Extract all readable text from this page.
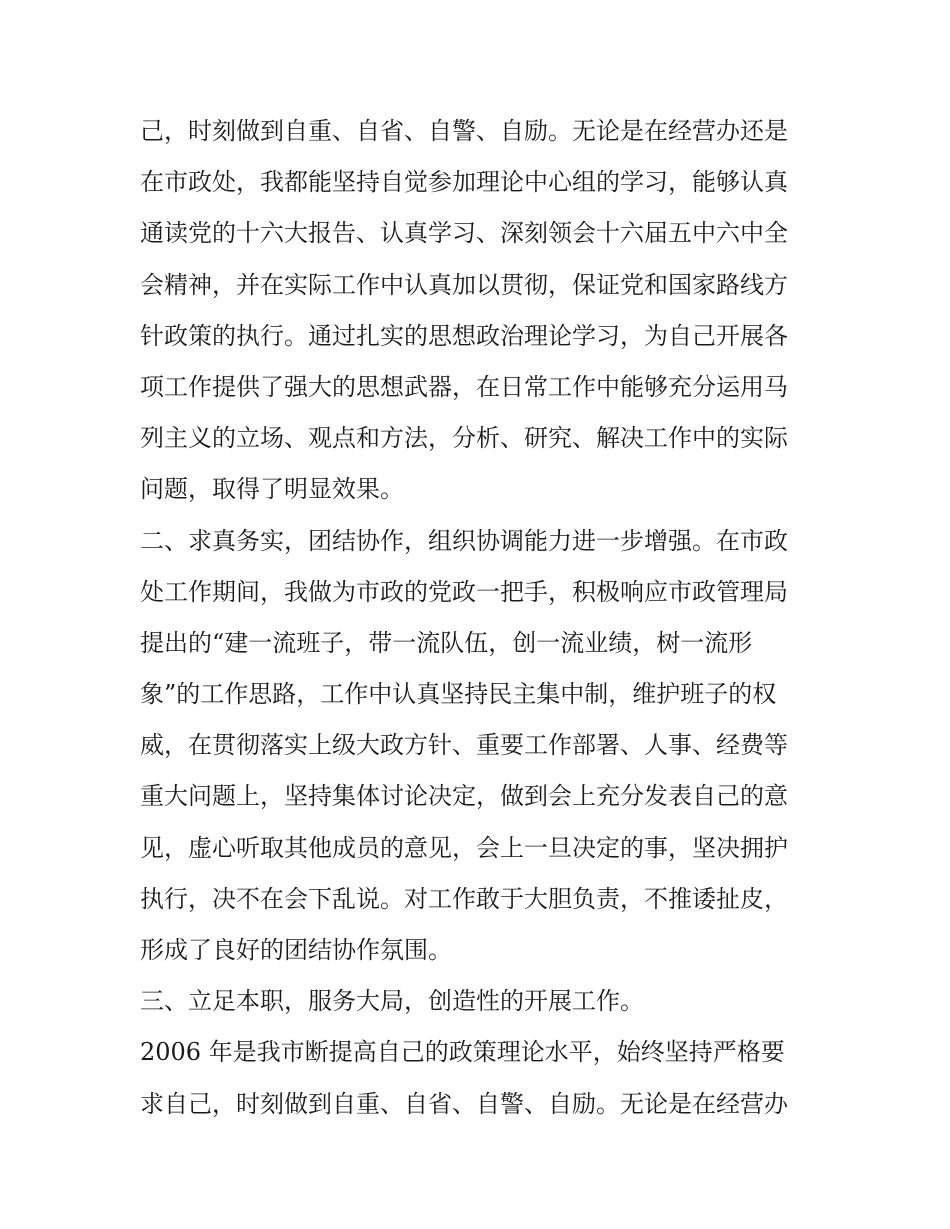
己，时刻做到自重、自省、自警、自励。无论是在经营办还是
在市政处，我都能坚持自觉参加理论中心组的学习，能够认真
通读党的十六大报告、认真学习、深刻领会十六届五中六中全
会精神，并在实际工作中认真加以贯彻，保证党和国家路线方
针政策的执行。通过扎实的思想政治理论学习，为自己开展各
项工作提供了强大的思想武器，在日常工作中能够充分运用马
列主义的立场、观点和方法，分析、研究、解决工作中的实际
问题，取得了明显效果。
二、求真务实，团结协作，组织协调能力进一步增强。在市政
处工作期间，我做为市政的党政一把手，积极响应市政管理局
提出的“建一流班子，带一流队伍，创一流业绩，树一流形
象”的工作思路，工作中认真坚持民主集中制，维护班子的权
威，在贯彻落实上级大政方针、重要工作部署、人事、经费等
重大问题上，坚持集体讨论决定，做到会上充分发表自己的意
见，虚心听取其他成员的意见，会上一旦决定的事，坚决拥护
执行，决不在会下乱说。对工作敢于大胆负责，不推诿扯皮，
形成了良好的团结协作氛围。
三、立足本职，服务大局，创造性的开展工作。
2006 年是我市断提高自己的政策理论水平，始终坚持严格要
求自己，时刻做到自重、自省、自警、自励。无论是在经营办
